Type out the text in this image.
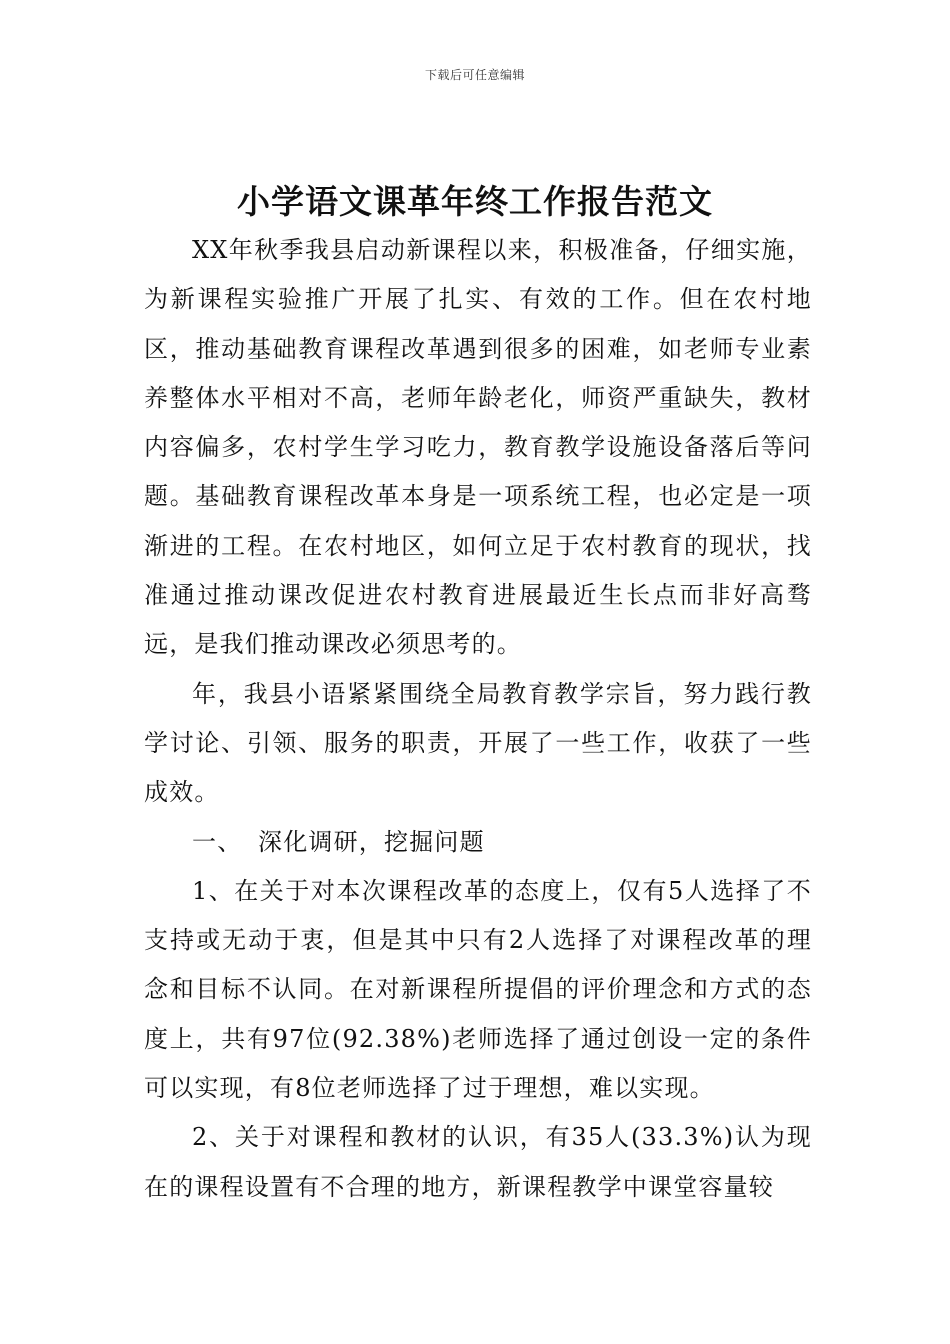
下载后可任意编辑
小学语文课革年终工作报告范文

XX年秋季我县启动新课程以来，积极准备，仔细实施，为新课程实验推广开展了扎实、有效的工作。但在农村地区，推动基础教育课程改革遇到很多的困难，如老师专业素养整体水平相对不高，老师年龄老化，师资严重缺失，教材内容偏多，农村学生学习吃力，教育教学设施设备落后等问题。基础教育课程改革本身是一项系统工程，也必定是一项渐进的工程。在农村地区，如何立足于农村教育的现状，找准通过推动课改促进农村教育进展最近生长点而非好高骛远，是我们推动课改必须思考的。

年，我县小语紧紧围绕全局教育教学宗旨，努力践行教学讨论、引领、服务的职责，开展了一些工作，收获了一些成效。

一、 深化调研，挖掘问题

1、在关于对本次课程改革的态度上，仅有5人选择了不支持或无动于衷，但是其中只有2人选择了对课程改革的理念和目标不认同。在对新课程所提倡的评价理念和方式的态度上，共有97位(92.38%)老师选择了通过创设一定的条件可以实现，有8位老师选择了过于理想，难以实现。

2、关于对课程和教材的认识，有35人(33.3%)认为现在的课程设置有不合理的地方，新课程教学中课堂容量较
